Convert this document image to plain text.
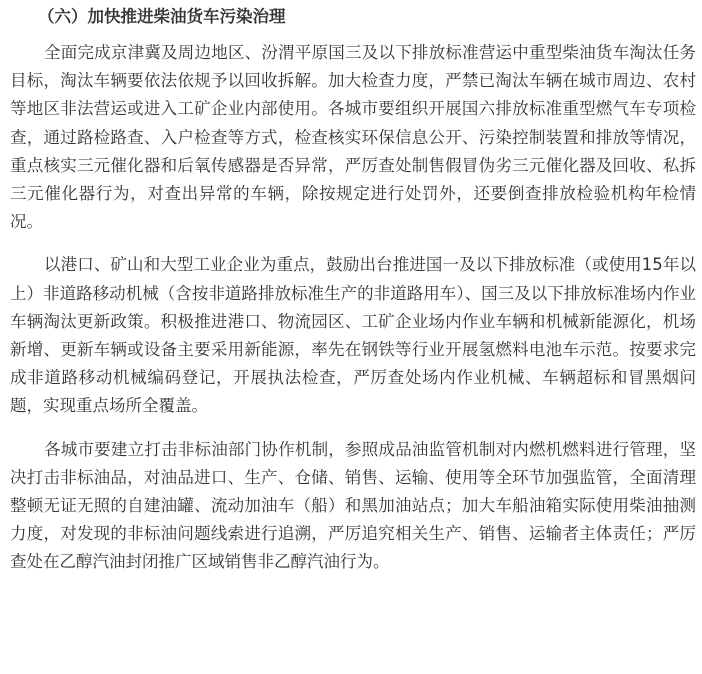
（六）加快推进柴油货车污染治理

全面完成京津冀及周边地区、汾渭平原国三及以下排放标准营运中重型柴油货车淘汰任务目标，淘汰车辆要依法依规予以回收拆解。加大检查力度，严禁已淘汰车辆在城市周边、农村等地区非法营运或进入工矿企业内部使用。各城市要组织开展国六排放标准重型燃气车专项检查，通过路检路查、入户检查等方式，检查核实环保信息公开、污染控制装置和排放等情况，重点核实三元催化器和后氧传感器是否异常，严厉查处制售假冒伪劣三元催化器及回收、私拆三元催化器行为，对查出异常的车辆，除按规定进行处罚外，还要倒查排放检验机构年检情况。

以港口、矿山和大型工业企业为重点，鼓励出台推进国一及以下排放标准（或使用15年以上）非道路移动机械（含按非道路排放标准生产的非道路用车）、国三及以下排放标准场内作业车辆淘汰更新政策。积极推进港口、物流园区、工矿企业场内作业车辆和机械新能源化，机场新增、更新车辆或设备主要采用新能源，率先在钢铁等行业开展氢燃料电池车示范。按要求完成非道路移动机械编码登记，开展执法检查，严厉查处场内作业机械、车辆超标和冒黑烟问题，实现重点场所全覆盖。

各城市要建立打击非标油部门协作机制，参照成品油监管机制对内燃机燃料进行管理，坚决打击非标油品，对油品进口、生产、仓储、销售、运输、使用等全环节加强监管，全面清理整顿无证无照的自建油罐、流动加油车（船）和黑加油站点；加大车船油箱实际使用柴油抽测力度，对发现的非标油问题线索进行追溯，严厉追究相关生产、销售、运输者主体责任；严厉查处在乙醇汽油封闭推广区域销售非乙醇汽油行为。
